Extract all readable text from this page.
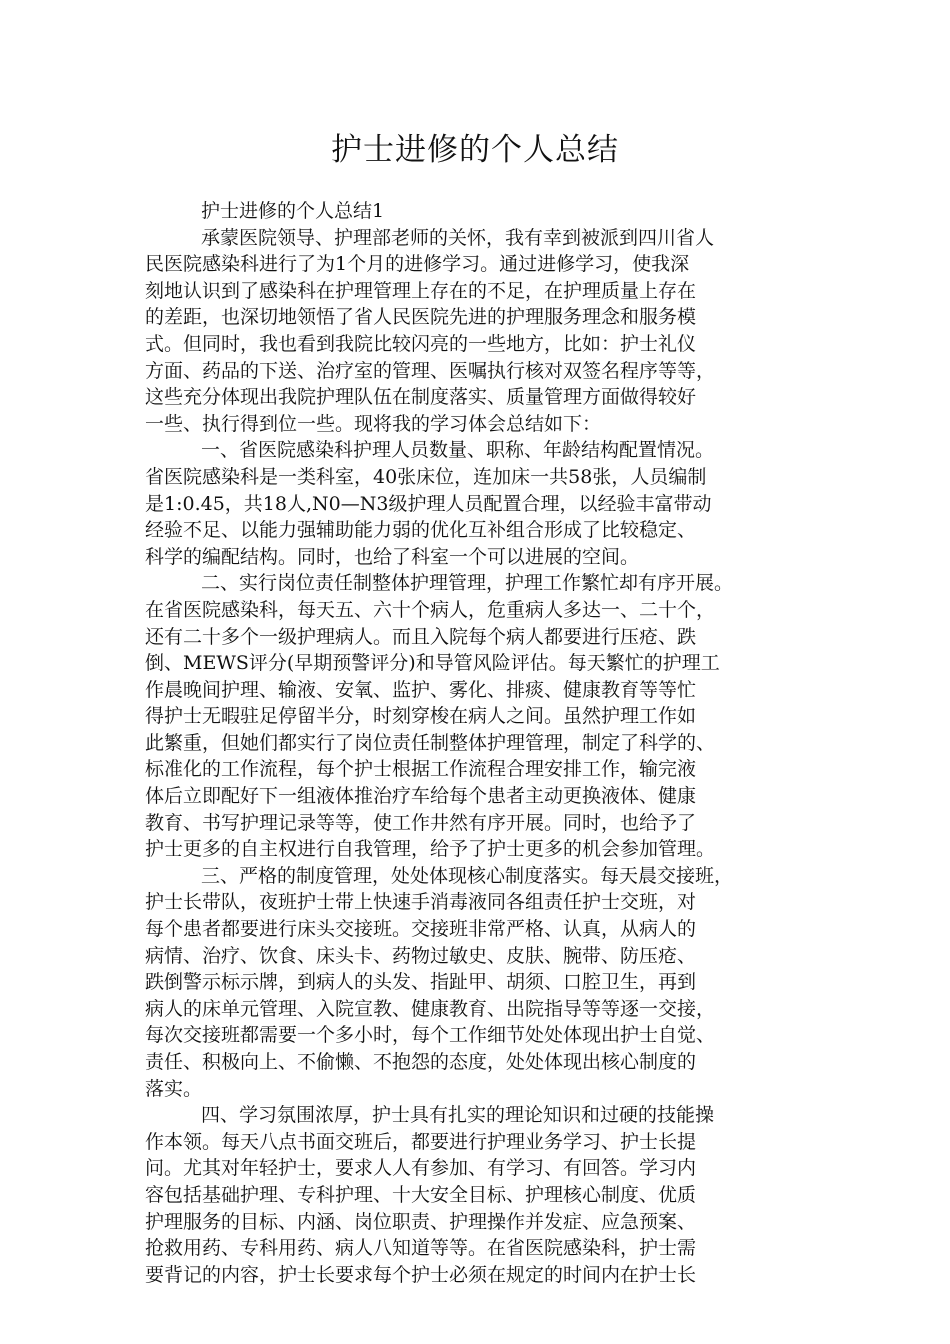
护士进修的个人总结
护士进修的个人总结1
承蒙医院领导、护理部老师的关怀，我有幸到被派到四川省人
民医院感染科进行了为1个月的进修学习。通过进修学习，使我深
刻地认识到了感染科在护理管理上存在的不足，在护理质量上存在
的差距，也深切地领悟了省人民医院先进的护理服务理念和服务模
式。但同时，我也看到我院比较闪亮的一些地方，比如：护士礼仪
方面、药品的下送、治疗室的管理、医嘱执行核对双签名程序等等，
这些充分体现出我院护理队伍在制度落实、质量管理方面做得较好
一些、执行得到位一些。现将我的学习体会总结如下：
一、省医院感染科护理人员数量、职称、年龄结构配置情况。
省医院感染科是一类科室，40张床位，连加床一共58张，人员编制
是1:0.45，共18人,N0—N3级护理人员配置合理，以经验丰富带动
经验不足、以能力强辅助能力弱的优化互补组合形成了比较稳定、
科学的编配结构。同时，也给了科室一个可以进展的空间。
二、实行岗位责任制整体护理管理，护理工作繁忙却有序开展。
在省医院感染科，每天五、六十个病人，危重病人多达一、二十个，
还有二十多个一级护理病人。而且入院每个病人都要进行压疮、跌
倒、MEWS评分(早期预警评分)和导管风险评估。每天繁忙的护理工
作晨晚间护理、输液、安氧、监护、雾化、排痰、健康教育等等忙
得护士无暇驻足停留半分，时刻穿梭在病人之间。虽然护理工作如
此繁重，但她们都实行了岗位责任制整体护理管理，制定了科学的、
标准化的工作流程，每个护士根据工作流程合理安排工作，输完液
体后立即配好下一组液体推治疗车给每个患者主动更换液体、健康
教育、书写护理记录等等，使工作井然有序开展。同时，也给予了
护士更多的自主权进行自我管理，给予了护士更多的机会参加管理。
三、严格的制度管理，处处体现核心制度落实。每天晨交接班，
护士长带队，夜班护士带上快速手消毒液同各组责任护士交班，对
每个患者都要进行床头交接班。交接班非常严格、认真，从病人的
病情、治疗、饮食、床头卡、药物过敏史、皮肤、腕带、防压疮、
跌倒警示标示牌，到病人的头发、指趾甲、胡须、口腔卫生，再到
病人的床单元管理、入院宣教、健康教育、出院指导等等逐一交接，
每次交接班都需要一个多小时，每个工作细节处处体现出护士自觉、
责任、积极向上、不偷懒、不抱怨的态度，处处体现出核心制度的
落实。
四、学习氛围浓厚，护士具有扎实的理论知识和过硬的技能操
作本领。每天八点书面交班后，都要进行护理业务学习、护士长提
问。尤其对年轻护士，要求人人有参加、有学习、有回答。学习内
容包括基础护理、专科护理、十大安全目标、护理核心制度、优质
护理服务的目标、内涵、岗位职责、护理操作并发症、应急预案、
抢救用药、专科用药、病人八知道等等。在省医院感染科，护士需
要背记的内容，护士长要求每个护士必须在规定的时间内在护士长
